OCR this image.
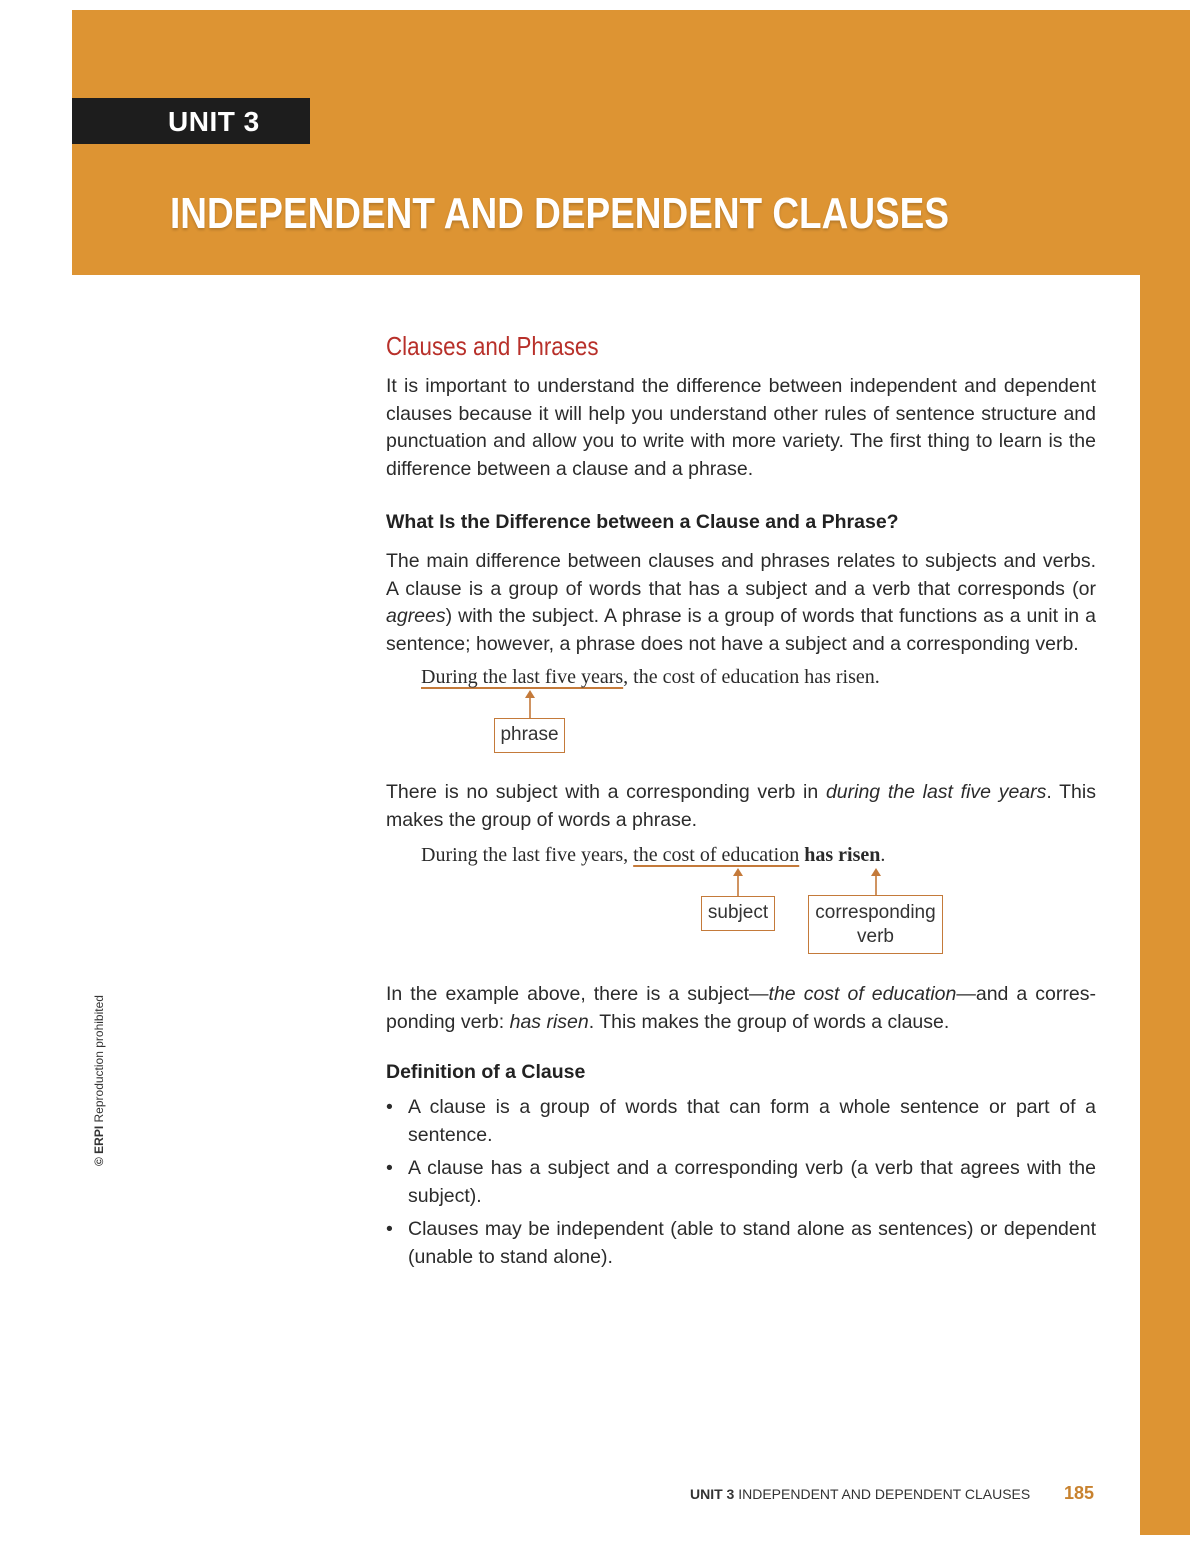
UNIT 3
INDEPENDENT AND DEPENDENT CLAUSES
Clauses and Phrases

It is important to understand the difference between independent and dependent clauses because it will help you understand other rules of sentence structure and punctuation and allow you to write with more variety. The first thing to learn is the difference between a clause and a phrase.

What Is the Difference between a Clause and a Phrase?

The main difference between clauses and phrases relates to subjects and verbs. A clause is a group of words that has a subject and a verb that corresponds (or agrees) with the subject. A phrase is a group of words that functions as a unit in a sentence; however, a phrase does not have a subject and a corresponding verb.

During the last five years, the cost of education has risen.
phrase

There is no subject with a corresponding verb in during the last five years. This makes the group of words a phrase.

During the last five years, the cost of education has risen.
subject	corresponding
verb

In the example above, there is a subject—the cost of education—and a corres-ponding verb: has risen. This makes the group of words a clause.

Definition of a Clause

• A clause is a group of words that can form a whole sentence or part of a sentence.
• A clause has a subject and a corresponding verb (a verb that agrees with the subject).
• Clauses may be independent (able to stand alone as sentences) or dependent (unable to stand alone).
© ERPI Reproduction prohibited
UNIT 3 INDEPENDENT AND DEPENDENT CLAUSES 185
